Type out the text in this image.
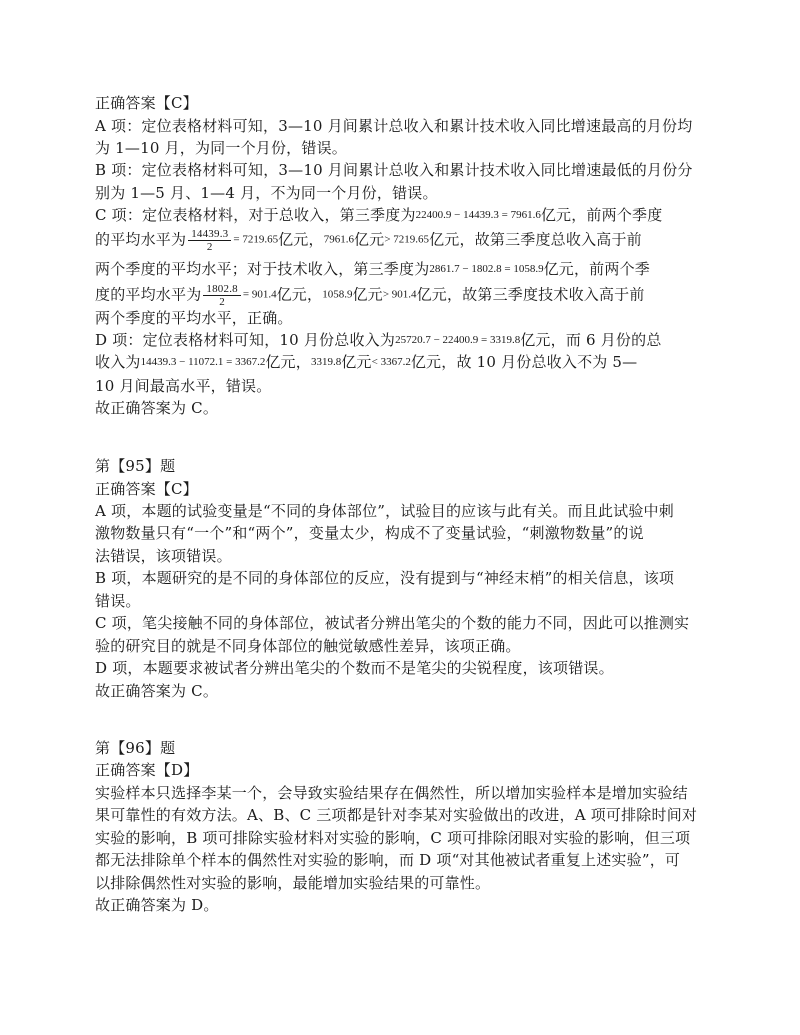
正确答案【C】
A 项：定位表格材料可知，3—10 月间累计总收入和累计技术收入同比增速最高的月份均
为 1—10 月，为同一个月份，错误。
B 项：定位表格材料可知，3—10 月间累计总收入和累计技术收入同比增速最低的月份分
别为 1—5 月、1—4 月，不为同一个月份，错误。
C 项：定位表格材料，对于总收入，第三季度为22400.9 − 14439.3 = 7961.6亿元，前两个季度
的平均水平为 $\frac{14439.3}{2} = 7219.65$亿元，7961.6亿元> 7219.65亿元，故第三季度总收入高于前
两个季度的平均水平；对于技术收入，第三季度为2861.7 − 1802.8 = 1058.9亿元，前两个季
度的平均水平为 $\frac{1802.8}{2} = 901.4$亿元，1058.9亿元> 901.4亿元，故第三季度技术收入高于前
两个季度的平均水平，正确。
D 项：定位表格材料可知，10 月份总收入为25720.7 − 22400.9 = 3319.8亿元，而 6 月份的总
收入为14439.3 − 11072.1 = 3367.2亿元，3319.8亿元< 3367.2亿元，故 10 月份总收入不为 5—
10 月间最高水平，错误。
故正确答案为 C。
第【95】题
正确答案【C】
A 项，本题的试验变量是“不同的身体部位”，试验目的应该与此有关。而且此试验中刺
激物数量只有“一个”和“两个”，变量太少，构成不了变量试验，“刺激物数量”的说
法错误，该项错误。
B 项，本题研究的是不同的身体部位的反应，没有提到与“神经末梢”的相关信息，该项
错误。
C 项，笔尖接触不同的身体部位，被试者分辨出笔尖的个数的能力不同，因此可以推测实
验的研究目的就是不同身体部位的触觉敏感性差异，该项正确。
D 项，本题要求被试者分辨出笔尖的个数而不是笔尖的尖锐程度，该项错误。
故正确答案为 C。
第【96】题
正确答案【D】
实验样本只选择李某一个，会导致实验结果存在偶然性，所以增加实验样本是增加实验结
果可靠性的有效方法。A、B、C 三项都是针对李某对实验做出的改进，A 项可排除时间对
实验的影响，B 项可排除实验材料对实验的影响，C 项可排除闭眼对实验的影响，但三项
都无法排除单个样本的偶然性对实验的影响，而 D 项“对其他被试者重复上述实验”，可
以排除偶然性对实验的影响，最能增加实验结果的可靠性。
故正确答案为 D。
